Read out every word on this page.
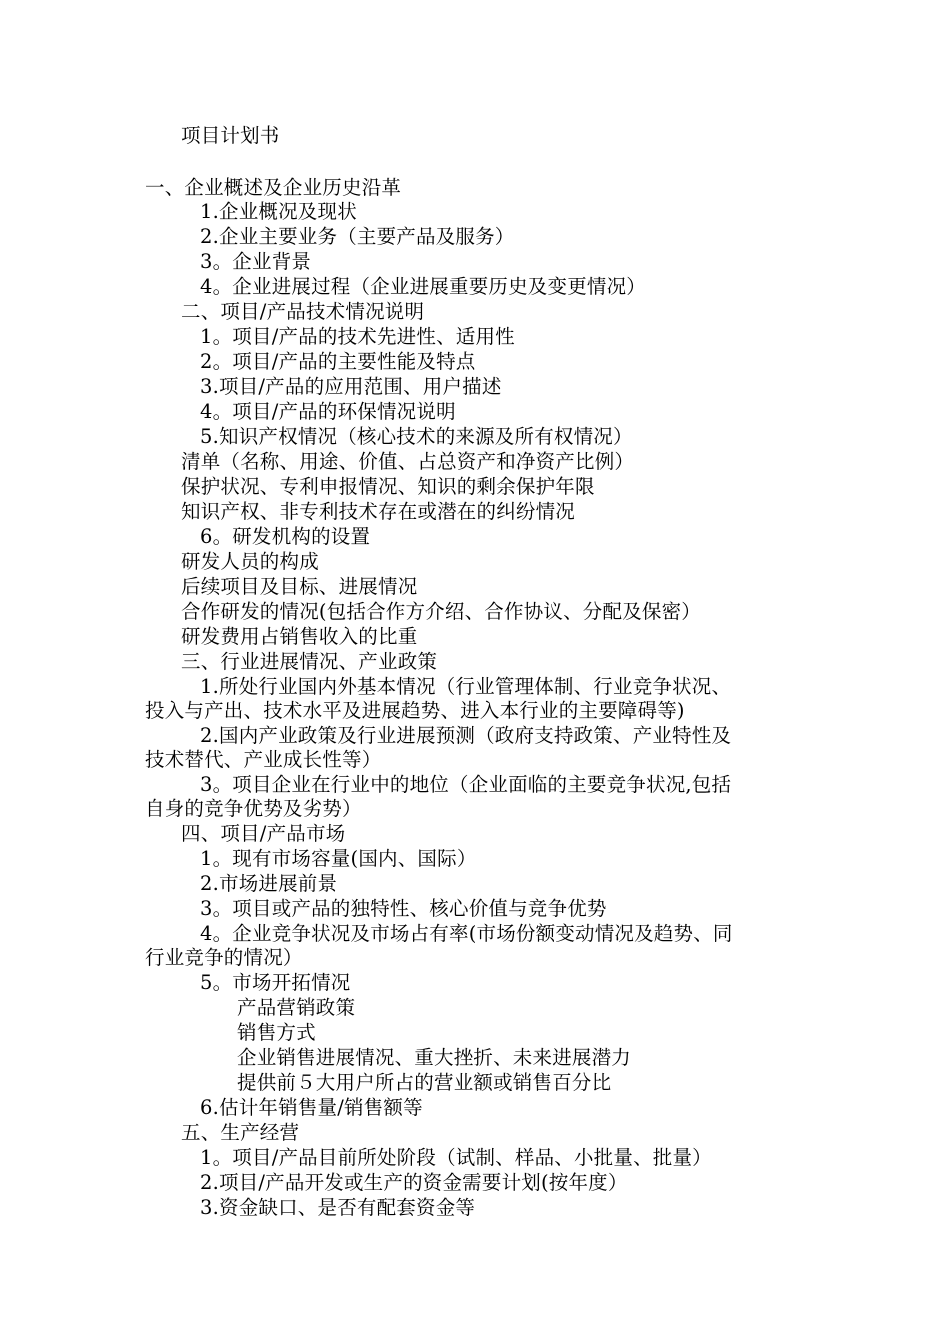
项目计划书
一、企业概述及企业历史沿革
1.企业概况及现状
2.企业主要业务（主要产品及服务）
3。企业背景
4。企业进展过程（企业进展重要历史及变更情况）
二、项目/产品技术情况说明
1。项目/产品的技术先进性、适用性
2。项目/产品的主要性能及特点
3.项目/产品的应用范围、用户描述
4。项目/产品的环保情况说明
5.知识产权情况（核心技术的来源及所有权情况）
清单（名称、用途、价值、占总资产和净资产比例）
保护状况、专利申报情况、知识的剩余保护年限
知识产权、非专利技术存在或潜在的纠纷情况
6。研发机构的设置
研发人员的构成
后续项目及目标、进展情况
合作研发的情况(包括合作方介绍、合作协议、分配及保密）
研发费用占销售收入的比重
三、行业进展情况、产业政策
1.所处行业国内外基本情况（行业管理体制、行业竞争状况、
投入与产出、技术水平及进展趋势、进入本行业的主要障碍等)
2.国内产业政策及行业进展预测（政府支持政策、产业特性及
技术替代、产业成长性等）
3。项目企业在行业中的地位（企业面临的主要竞争状况,包括
自身的竞争优势及劣势）
四、项目/产品市场
1。现有市场容量(国内、国际）
2.市场进展前景
3。项目或产品的独特性、核心价值与竞争优势
4。企业竞争状况及市场占有率(市场份额变动情况及趋势、同
行业竞争的情况）
5。市场开拓情况
产品营销政策
销售方式
企业销售进展情况、重大挫折、未来进展潜力
提供前５大用户所占的营业额或销售百分比
6.估计年销售量/销售额等
五、生产经营
1。项目/产品目前所处阶段（试制、样品、小批量、批量）
2.项目/产品开发或生产的资金需要计划(按年度）
3.资金缺口、是否有配套资金等
